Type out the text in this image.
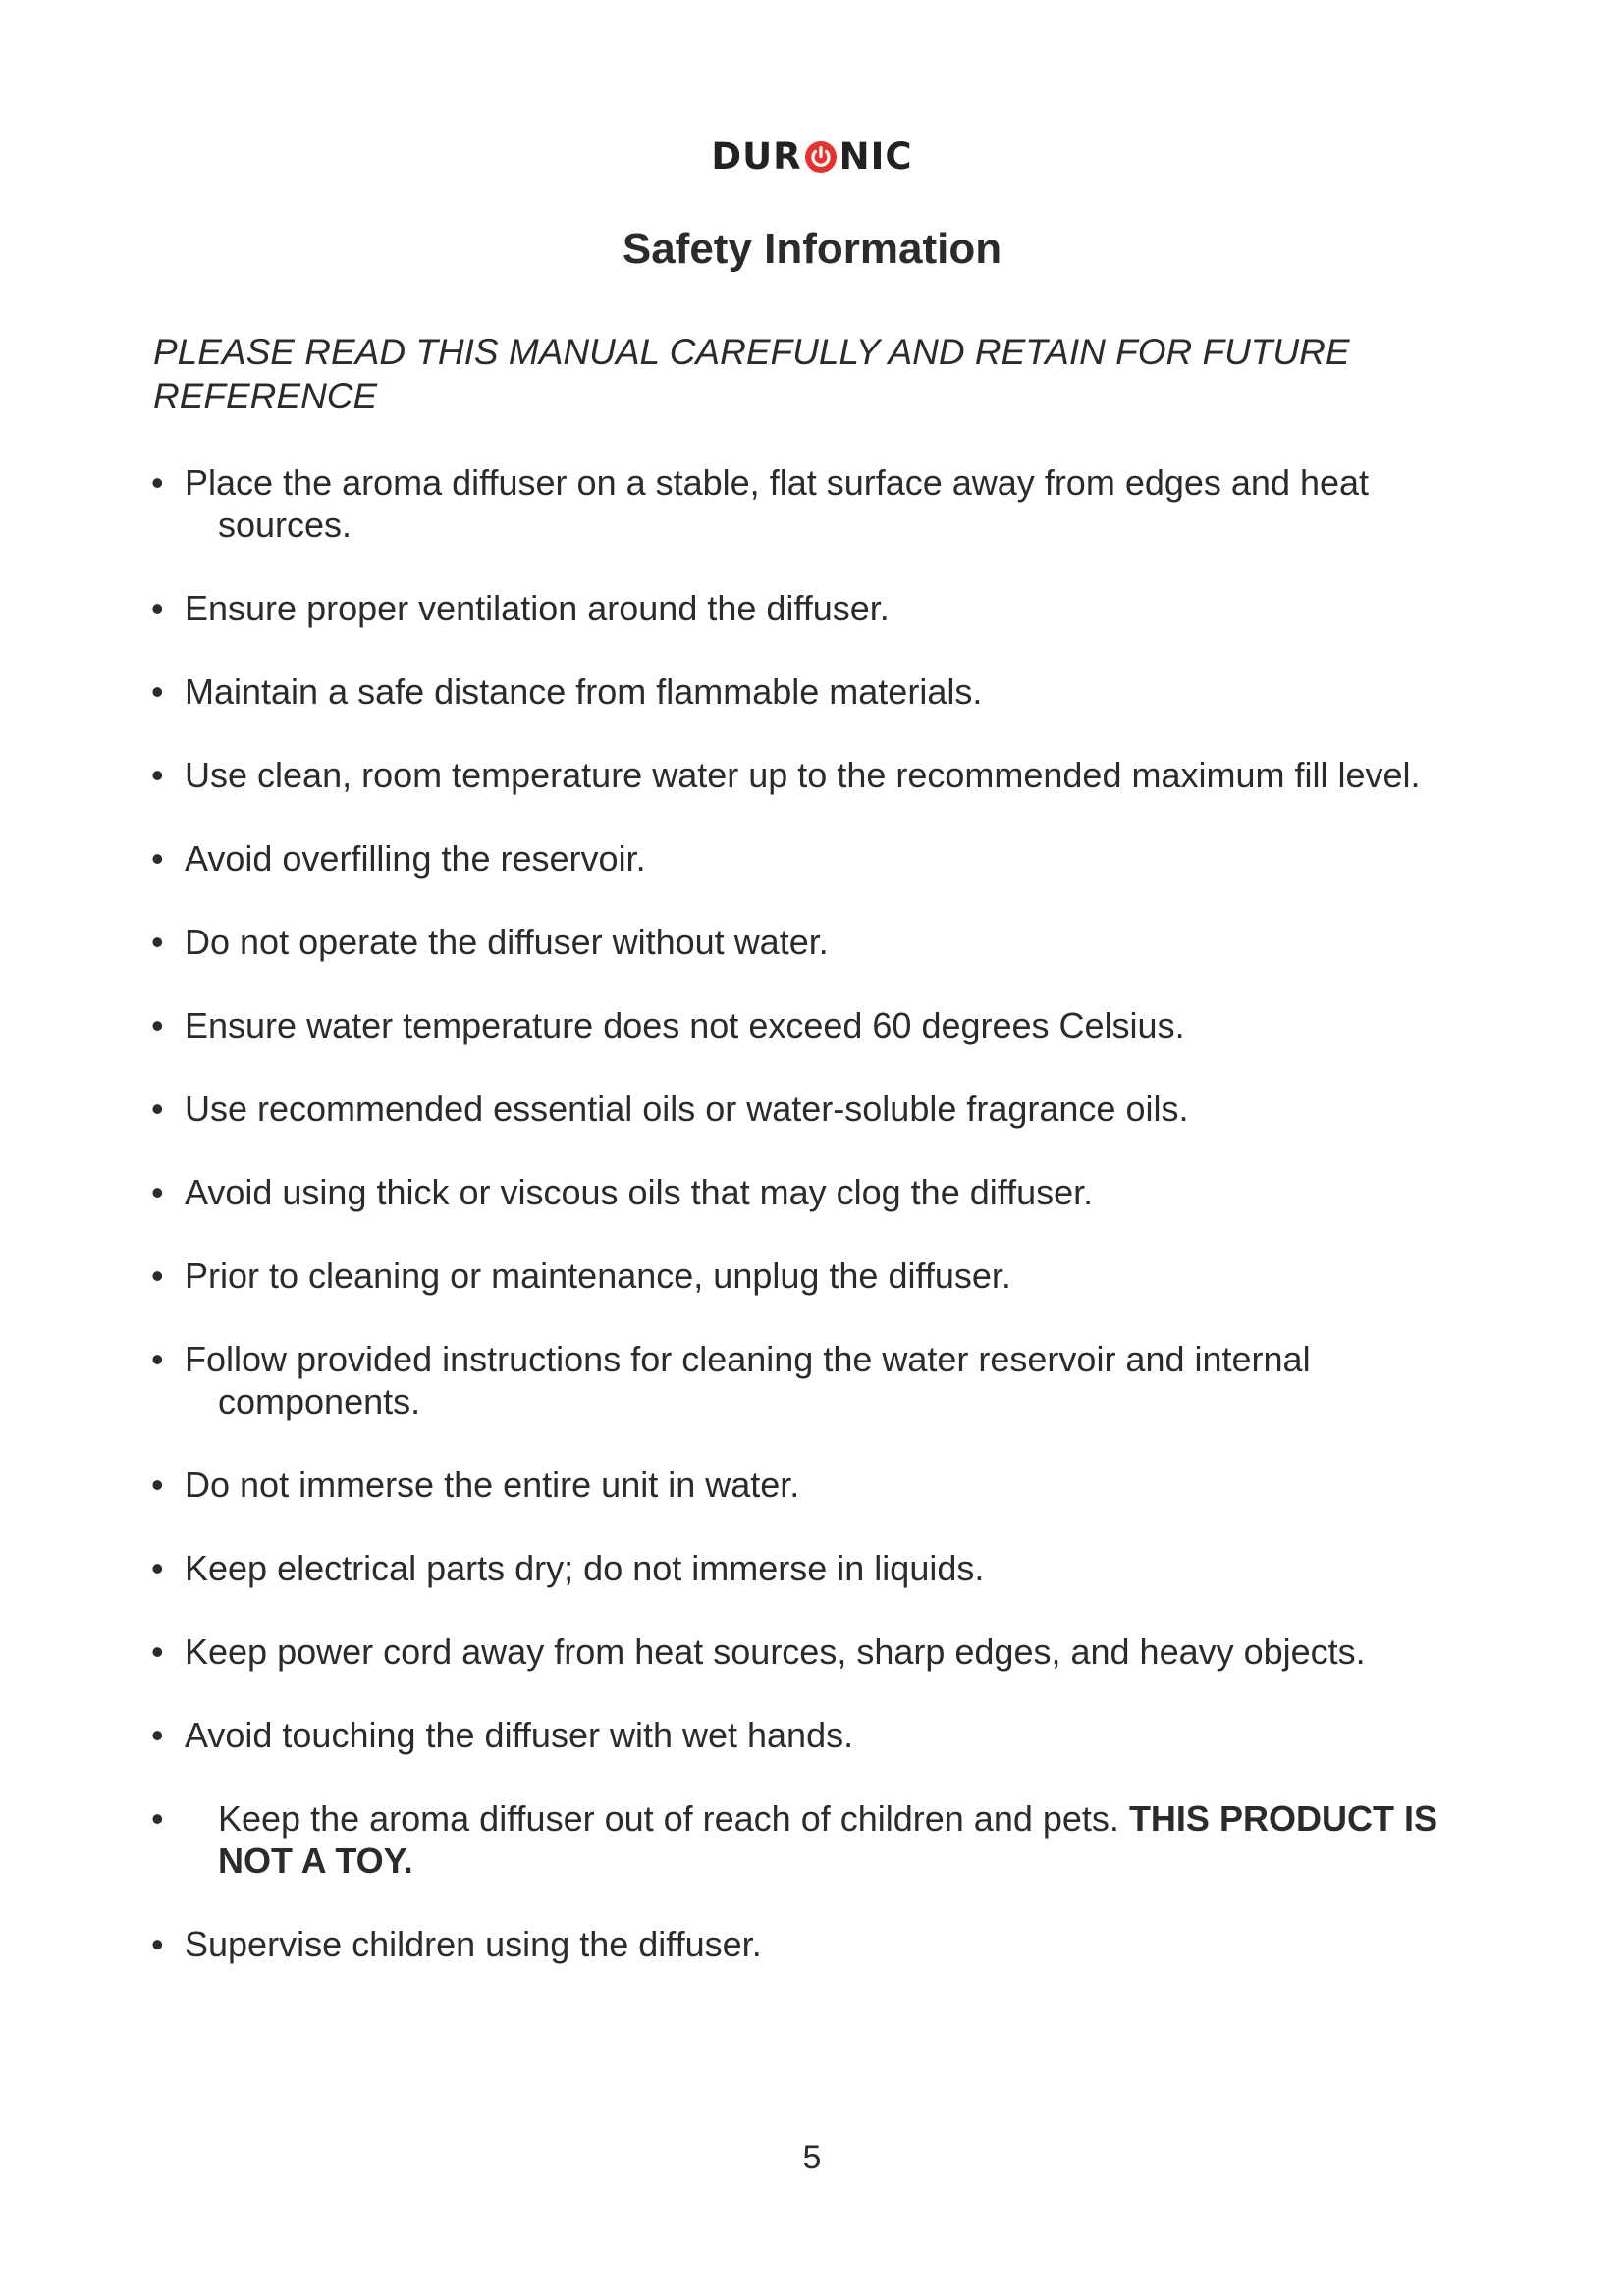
DUR NIC
Safety Information
PLEASE READ THIS MANUAL CAREFULLY AND RETAIN FOR FUTURE REFERENCE
• Place the aroma diffuser on a stable, flat surface away from edges and heat sources.
• Ensure proper ventilation around the diffuser.
• Maintain a safe distance from flammable materials.
• Use clean, room temperature water up to the recommended maximum fill level.
• Avoid overfilling the reservoir.
• Do not operate the diffuser without water.
• Ensure water temperature does not exceed 60 degrees Celsius.
• Use recommended essential oils or water-soluble fragrance oils.
• Avoid using thick or viscous oils that may clog the diffuser.
• Prior to cleaning or maintenance, unplug the diffuser.
• Follow provided instructions for cleaning the water reservoir and internal components.
• Do not immerse the entire unit in water.
• Keep electrical parts dry; do not immerse in liquids.
• Keep power cord away from heat sources, sharp edges, and heavy objects.
• Avoid touching the diffuser with wet hands.
•	Keep the aroma diffuser out of reach of children and pets. THIS PRODUCT IS NOT A TOY.
• Supervise children using the diffuser.
5
